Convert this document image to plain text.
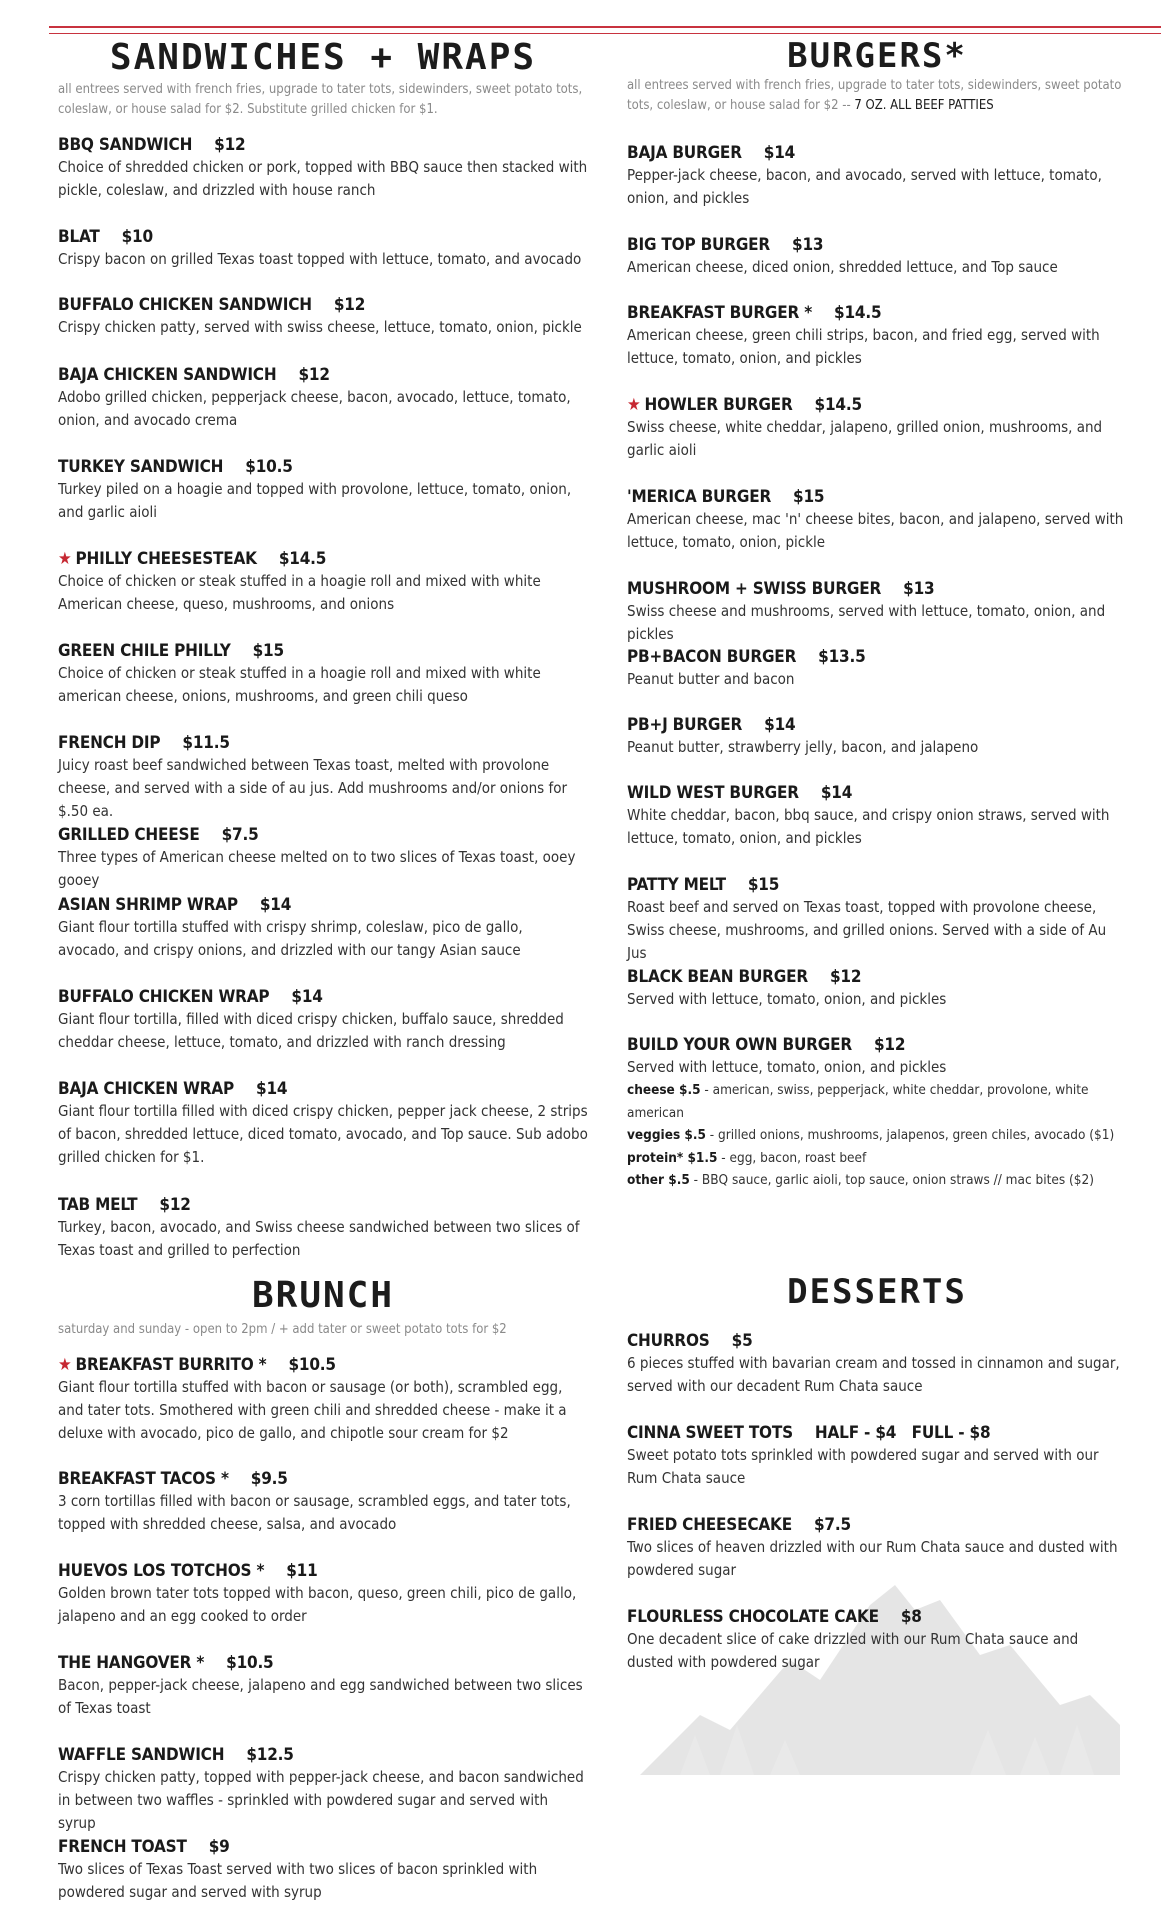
SANDWICHES + WRAPS

all entrees served with french fries, upgrade to tater tots, sidewinders, sweet potato tots, coleslaw, or house salad for $2. Substitute grilled chicken for $1.

BBQ SANDWICH $12
Choice of shredded chicken or pork, topped with BBQ sauce then stacked with pickle, coleslaw, and drizzled with house ranch
BLAT $10
Crispy bacon on grilled Texas toast topped with lettuce, tomato, and avocado
BUFFALO CHICKEN SANDWICH $12
Crispy chicken patty, served with swiss cheese, lettuce, tomato, onion, pickle
BAJA CHICKEN SANDWICH $12
Adobo grilled chicken, pepperjack cheese, bacon, avocado, lettuce, tomato, onion, and avocado crema
TURKEY SANDWICH $10.5
Turkey piled on a hoagie and topped with provolone, lettuce, tomato, onion, and garlic aioli
★ PHILLY CHEESESTEAK $14.5
Choice of chicken or steak stuffed in a hoagie roll and mixed with white American cheese, queso, mushrooms, and onions
GREEN CHILE PHILLY $15
Choice of chicken or steak stuffed in a hoagie roll and mixed with white american cheese, onions, mushrooms, and green chili queso
FRENCH DIP $11.5
Juicy roast beef sandwiched between Texas toast, melted with provolone cheese, and served with a side of au jus. Add mushrooms and/or onions for $.50 ea.
GRILLED CHEESE $7.5
Three types of American cheese melted on to two slices of Texas toast, ooey gooey
ASIAN SHRIMP WRAP $14
Giant flour tortilla stuffed with crispy shrimp, coleslaw, pico de gallo, avocado, and crispy onions, and drizzled with our tangy Asian sauce
BUFFALO CHICKEN WRAP $14
Giant flour tortilla, filled with diced crispy chicken, buffalo sauce, shredded cheddar cheese, lettuce, tomato, and drizzled with ranch dressing
BAJA CHICKEN WRAP $14
Giant flour tortilla filled with diced crispy chicken, pepper jack cheese, 2 strips of bacon, shredded lettuce, diced tomato, avocado, and Top sauce. Sub adobo grilled chicken for $1.
TAB MELT $12
Turkey, bacon, avocado, and Swiss cheese sandwiched between two slices of Texas toast and grilled to perfection
BRUNCH

saturday and sunday - open to 2pm / + add tater or sweet potato tots for $2

★ BREAKFAST BURRITO * $10.5
Giant flour tortilla stuffed with bacon or sausage (or both), scrambled egg, and tater tots. Smothered with green chili and shredded cheese - make it a deluxe with avocado, pico de gallo, and chipotle sour cream for $2
BREAKFAST TACOS * $9.5
3 corn tortillas filled with bacon or sausage, scrambled eggs, and tater tots, topped with shredded cheese, salsa, and avocado
HUEVOS LOS TOTCHOS * $11
Golden brown tater tots topped with bacon, queso, green chili, pico de gallo, jalapeno and an egg cooked to order
THE HANGOVER * $10.5
Bacon, pepper-jack cheese, jalapeno and egg sandwiched between two slices of Texas toast
WAFFLE SANDWICH $12.5
Crispy chicken patty, topped with pepper-jack cheese, and bacon sandwiched in between two waffles - sprinkled with powdered sugar and served with syrup
FRENCH TOAST $9
Two slices of Texas Toast served with two slices of bacon sprinkled with powdered sugar and served with syrup
BURGERS*

all entrees served with french fries, upgrade to tater tots, sidewinders, sweet potato tots, coleslaw, or house salad for $2 -- 7 OZ. ALL BEEF PATTIES

BAJA BURGER $14
Pepper-jack cheese, bacon, and avocado, served with lettuce, tomato, onion, and pickles
BIG TOP BURGER $13
American cheese, diced onion, shredded lettuce, and Top sauce
BREAKFAST BURGER * $14.5
American cheese, green chili strips, bacon, and fried egg, served with lettuce, tomato, onion, and pickles
★ HOWLER BURGER $14.5
Swiss cheese, white cheddar, jalapeno, grilled onion, mushrooms, and garlic aioli
'MERICA BURGER $15
American cheese, mac 'n' cheese bites, bacon, and jalapeno, served with lettuce, tomato, onion, pickle
MUSHROOM + SWISS BURGER $13
Swiss cheese and mushrooms, served with lettuce, tomato, onion, and pickles
PB+BACON BURGER $13.5
Peanut butter and bacon
PB+J BURGER $14
Peanut butter, strawberry jelly, bacon, and jalapeno
WILD WEST BURGER $14
White cheddar, bacon, bbq sauce, and crispy onion straws, served with lettuce, tomato, onion, and pickles
PATTY MELT $15
Roast beef and served on Texas toast, topped with provolone cheese, Swiss cheese, mushrooms, and grilled onions. Served with a side of Au Jus
BLACK BEAN BURGER $12
Served with lettuce, tomato, onion, and pickles
BUILD YOUR OWN BURGER $12
Served with lettuce, tomato, onion, and pickles
cheese $.5 - american, swiss, pepperjack, white cheddar, provolone, white american
veggies $.5 - grilled onions, mushrooms, jalapenos, green chiles, avocado ($1)
protein* $1.5 - egg, bacon, roast beef
other $.5 - BBQ sauce, garlic aioli, top sauce, onion straws // mac bites ($2)
DESSERTS
CHURROS $5
6 pieces stuffed with bavarian cream and tossed in cinnamon and sugar, served with our decadent Rum Chata sauce
CINNA SWEET TOTS HALF - $4   FULL - $8
Sweet potato tots sprinkled with powdered sugar and served with our Rum Chata sauce
FRIED CHEESECAKE $7.5
Two slices of heaven drizzled with our Rum Chata sauce and dusted with powdered sugar
FLOURLESS CHOCOLATE CAKE $8
One decadent slice of cake drizzled with our Rum Chata sauce and dusted with powdered sugar
